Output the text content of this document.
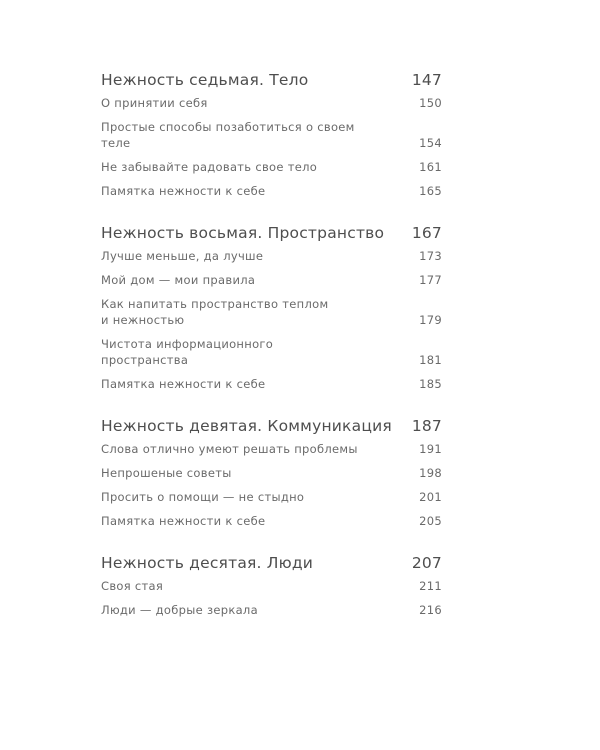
Нежность седьмая. Тело	147
О принятии себя	150
Простые способы позаботиться о своем теле	154
Не забывайте радовать свое тело	161
Памятка нежности к себе	165
Нежность восьмая. Пространство 167
Лучше меньше, да лучше	173
Мой дом — мои правила	177
Как напитать пространство теплом и нежностью	179
Чистота информационного пространства	181
Памятка нежности к себе	185
Нежность девятая. Коммуникация 187
Слова отлично умеют решать проблемы	191
Непрошеные советы	198
Просить о помощи — не стыдно	201
Памятка нежности к себе	205
Нежность десятая. Люди	207
Своя стая	211
Люди — добрые зеркала	216
